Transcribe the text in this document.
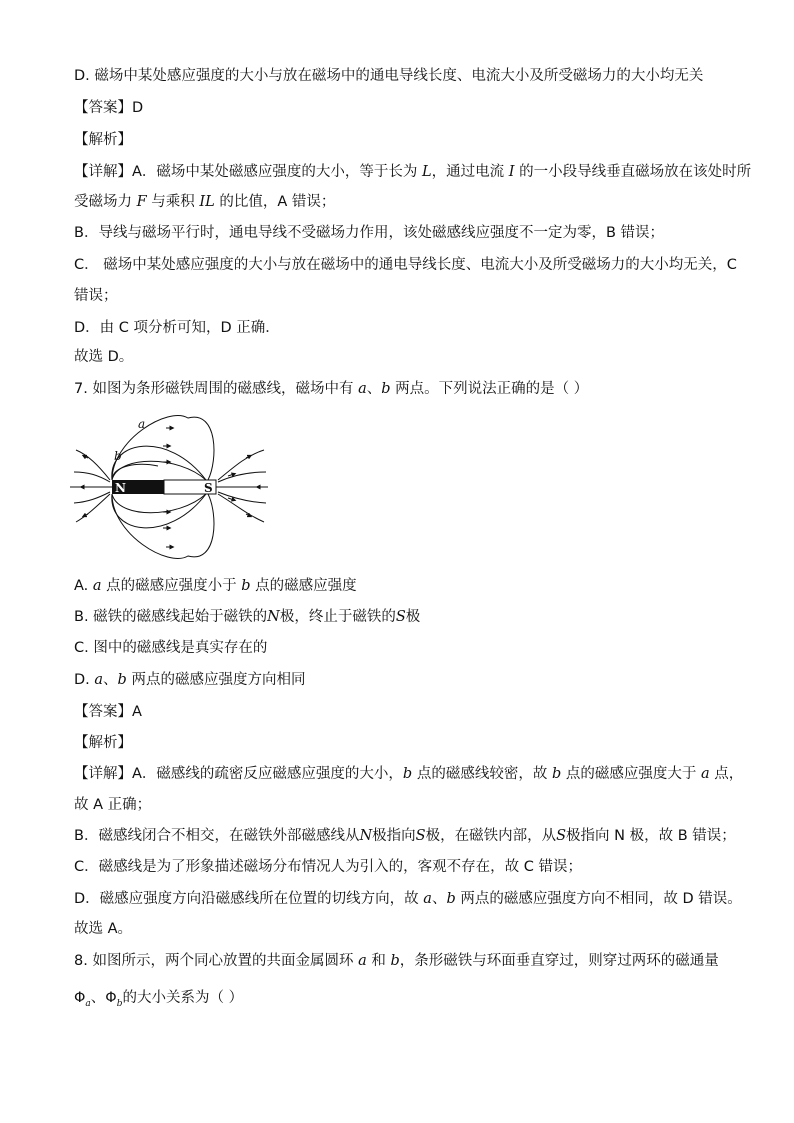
D. 磁场中某处感应强度的大小与放在磁场中的通电导线长度、电流大小及所受磁场力的大小均无关
【答案】D
【解析】
【详解】A．磁场中某处磁感应强度的大小，等于长为 L，通过电流 I 的一小段导线垂直磁场放在该处时所
受磁场力 F 与乘积 IL 的比值，A 错误；
B．导线与磁场平行时，通电导线不受磁场力作用，该处磁感线应强度不一定为零，B 错误；
C． 磁场中某处感应强度的大小与放在磁场中的通电导线长度、电流大小及所受磁场力的大小均无关，C
错误；
D．由 C 项分析可知，D 正确．
故选 D。
7. 如图为条形磁铁周围的磁感线，磁场中有 a、b 两点。下列说法正确的是（ ）
N	S
a
b
A. a 点的磁感应强度小于 b 点的磁感应强度
B. 磁铁的磁感线起始于磁铁的N极，终止于磁铁的S极
C. 图中的磁感线是真实存在的
D. a、b 两点的磁感应强度方向相同
【答案】A
【解析】
【详解】A．磁感线的疏密反应磁感应强度的大小，b 点的磁感线较密，故 b 点的磁感应强度大于 a 点，
故 A 正确；
B．磁感线闭合不相交，在磁铁外部磁感线从N极指向S极，在磁铁内部，从S极指向 N 极，故 B 错误；
C．磁感线是为了形象描述磁场分布情况人为引入的，客观不存在，故 C 错误；
D．磁感应强度方向沿磁感线所在位置的切线方向，故 a、b 两点的磁感应强度方向不相同，故 D 错误。
故选 A。
8. 如图所示，两个同心放置的共面金属圆环 a 和 b，条形磁铁与环面垂直穿过，则穿过两环的磁通量
$\Phi_a$、$\Phi_b$的大小关系为（ ）
